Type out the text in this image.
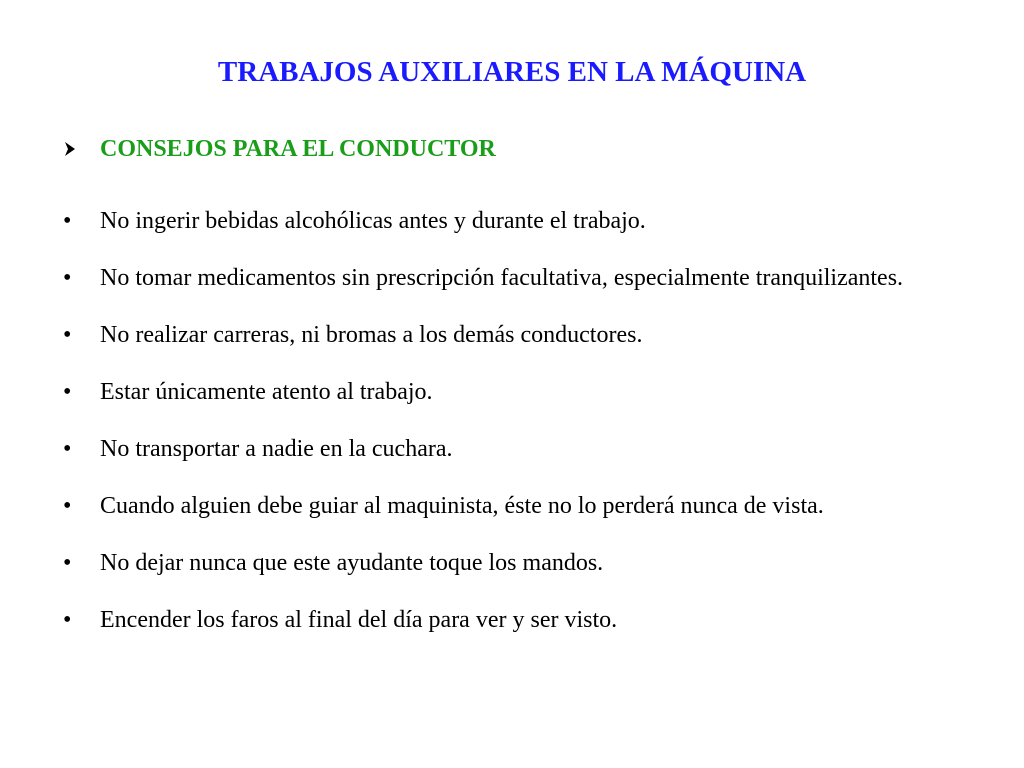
TRABAJOS AUXILIARES EN LA MÁQUINA
CONSEJOS PARA EL CONDUCTOR
• No ingerir bebidas alcohólicas antes y durante el trabajo.
• No tomar medicamentos sin prescripción facultativa, especialmente tranquilizantes.
• No realizar carreras, ni bromas a los demás conductores.
• Estar únicamente atento al trabajo.
• No transportar a nadie en la cuchara.
• Cuando alguien debe guiar al maquinista, éste no lo perderá nunca de vista.
• No dejar nunca que este ayudante toque los mandos.
• Encender los faros al final del día para ver y ser visto.
